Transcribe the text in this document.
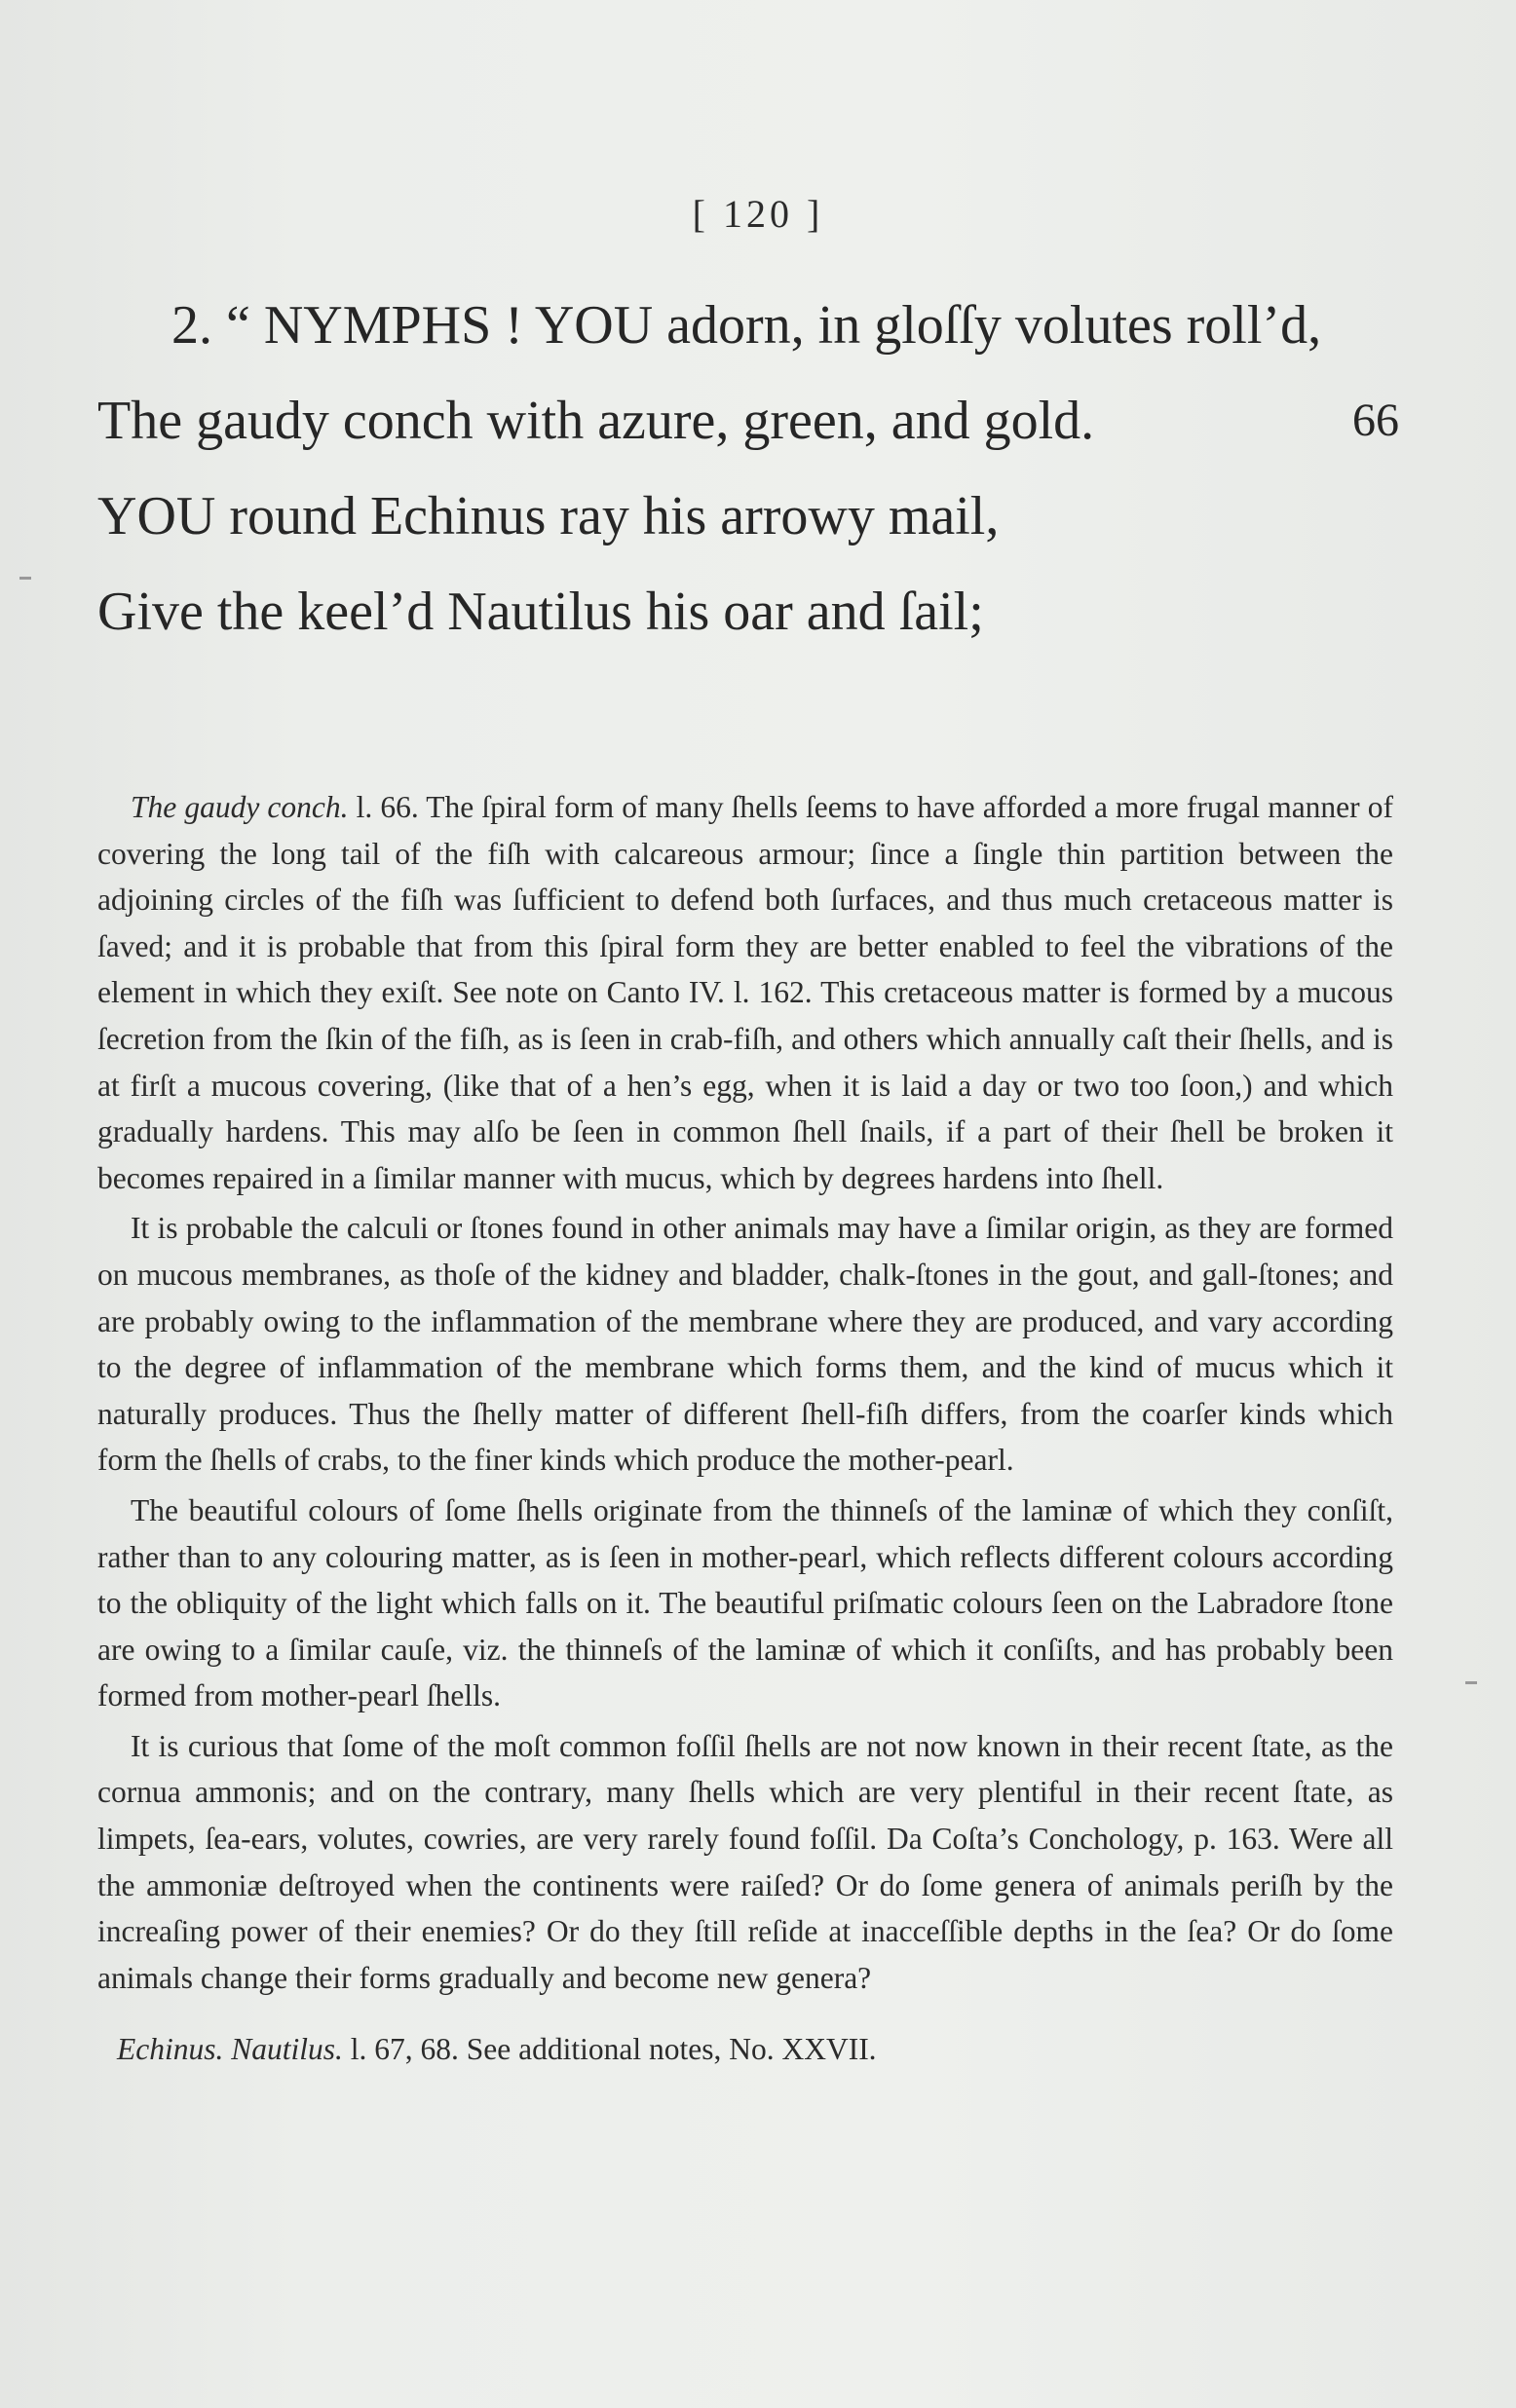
[ 120 ]
2. “ NYMPHS ! YOU adorn, in gloſſy volutes roll’d,
The gaudy conch with azure, green, and gold.	66
YOU round Echinus ray his arrowy mail,
Give the keel’d Nautilus his oar and ſail;

The gaudy conch. l. 66. The ſpiral form of many ſhells ſeems to have afforded a more frugal manner of covering the long tail of the fiſh with calcareous armour; ſince a ſingle thin partition between the adjoining circles of the fiſh was ſufficient to defend both ſurfaces, and thus much cretaceous matter is ſaved; and it is probable that from this ſpiral form they are better enabled to feel the vibrations of the element in which they exiſt. See note on Canto IV. l. 162. This cretaceous matter is formed by a mucous ſecretion from the ſkin of the fiſh, as is ſeen in crab-fiſh, and others which annually caſt their ſhells, and is at firſt a mucous covering, (like that of a hen’s egg, when it is laid a day or two too ſoon,) and which gradually hardens. This may alſo be ſeen in common ſhell ſnails, if a part of their ſhell be broken it becomes repaired in a ſimilar manner with mucus, which by degrees hardens into ſhell.

It is probable the calculi or ſtones found in other animals may have a ſimilar origin, as they are formed on mucous membranes, as thoſe of the kidney and bladder, chalk-ſtones in the gout, and gall-ſtones; and are probably owing to the inflammation of the membrane where they are produced, and vary according to the degree of inflammation of the membrane which forms them, and the kind of mucus which it naturally produces. Thus the ſhelly matter of different ſhell-fiſh differs, from the coarſer kinds which form the ſhells of crabs, to the finer kinds which produce the mother-pearl.

The beautiful colours of ſome ſhells originate from the thinneſs of the laminæ of which they conſiſt, rather than to any colouring matter, as is ſeen in mother-pearl, which reflects different colours according to the obliquity of the light which falls on it. The beautiful priſmatic colours ſeen on the Labradore ſtone are owing to a ſimilar cauſe, viz. the thinneſs of the laminæ of which it conſiſts, and has probably been formed from mother-pearl ſhells.

It is curious that ſome of the moſt common foſſil ſhells are not now known in their recent ſtate, as the cornua ammonis; and on the contrary, many ſhells which are very plentiful in their recent ſtate, as limpets, ſea-ears, volutes, cowries, are very rarely found foſſil. Da Coſta’s Conchology, p. 163. Were all the ammoniæ deſtroyed when the continents were raiſed? Or do ſome genera of animals periſh by the increaſing power of their enemies? Or do they ſtill reſide at inacceſſible depths in the ſea? Or do ſome animals change their forms gradually and become new genera?

Echinus. Nautilus. l. 67, 68. See additional notes, No. XXVII.
